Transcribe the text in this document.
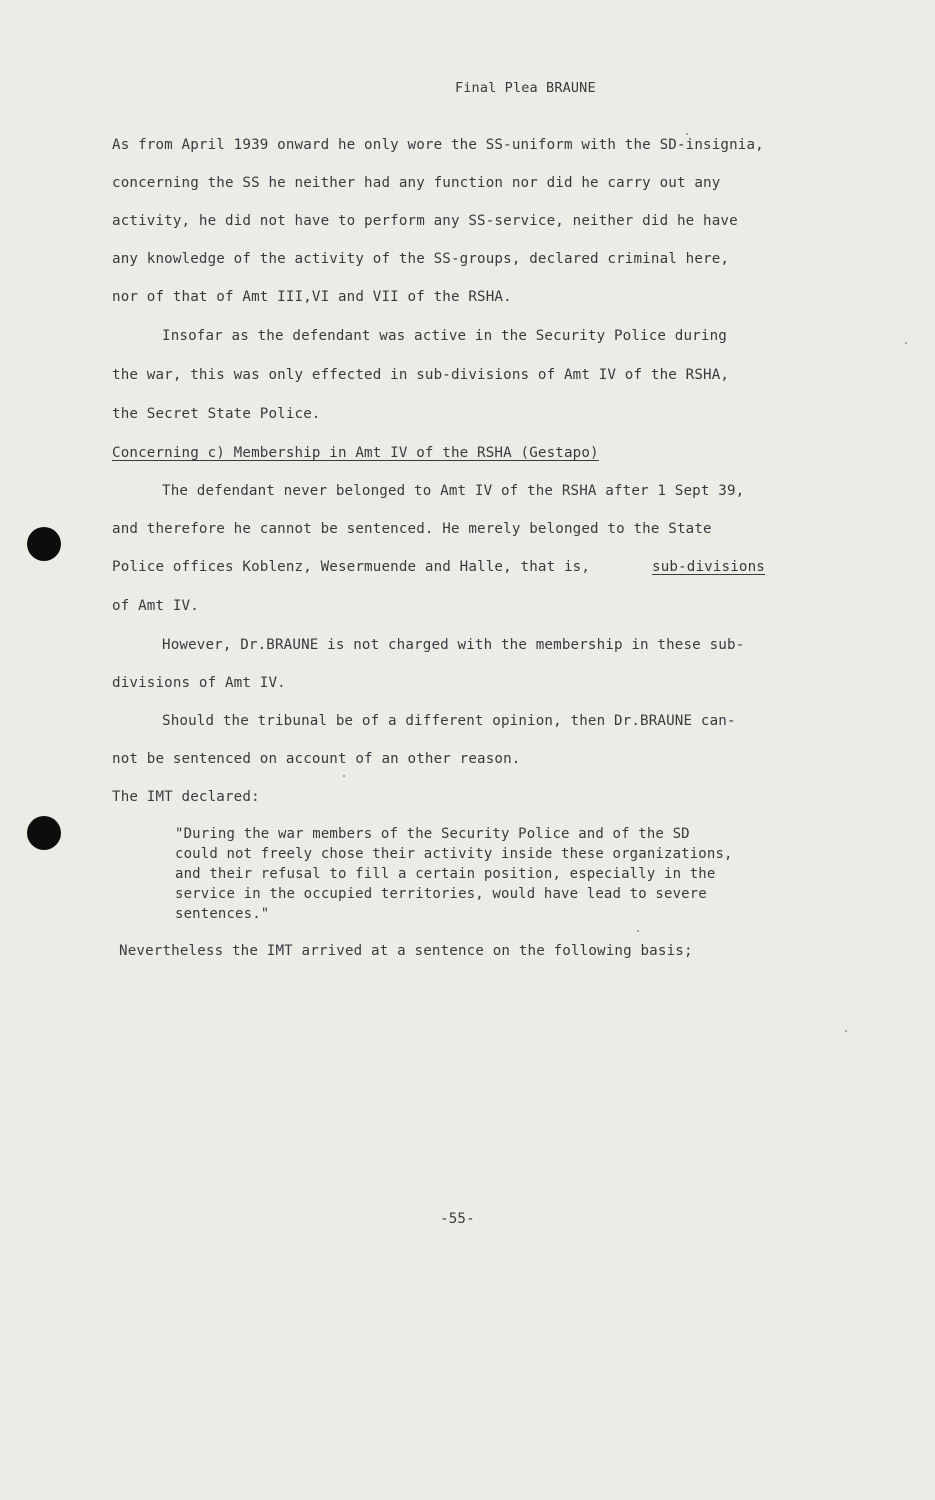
Final Plea BRAUNE
As from April 1939 onward he only wore the SS-uniform with the SD-insignia,
concerning the SS he neither had any function nor did he carry out any
activity, he did not have to perform any SS-service, neither did he have
any knowledge of the activity of the SS-groups, declared criminal here,
nor of that of Amt III,VI and VII of the RSHA.
Insofar as the defendant was active in the Security Police during
the war, this was only effected in sub-divisions of Amt IV of the RSHA,
the Secret State Police.
Concerning c) Membership in Amt IV of the RSHA (Gestapo)
The defendant never belonged to Amt IV of the RSHA after 1 Sept 39,
and therefore he cannot be sentenced. He merely belonged to the State
Police offices Koblenz, Wesermuende and Halle, that is,	sub-divisions
of Amt IV.
However, Dr.BRAUNE is not charged with the membership in these sub-
divisions of Amt IV.
Should the tribunal be of a different opinion, then Dr.BRAUNE can-
not be sentenced on account of an other reason.
The IMT declared:
"During the war members of the Security Police and of the SD
could not freely chose their activity inside these organizations,
and their refusal to fill a certain position, especially in the
service in the occupied territories, would have lead to severe
sentences."
Nevertheless the IMT arrived at a sentence on the following basis;
-55-
